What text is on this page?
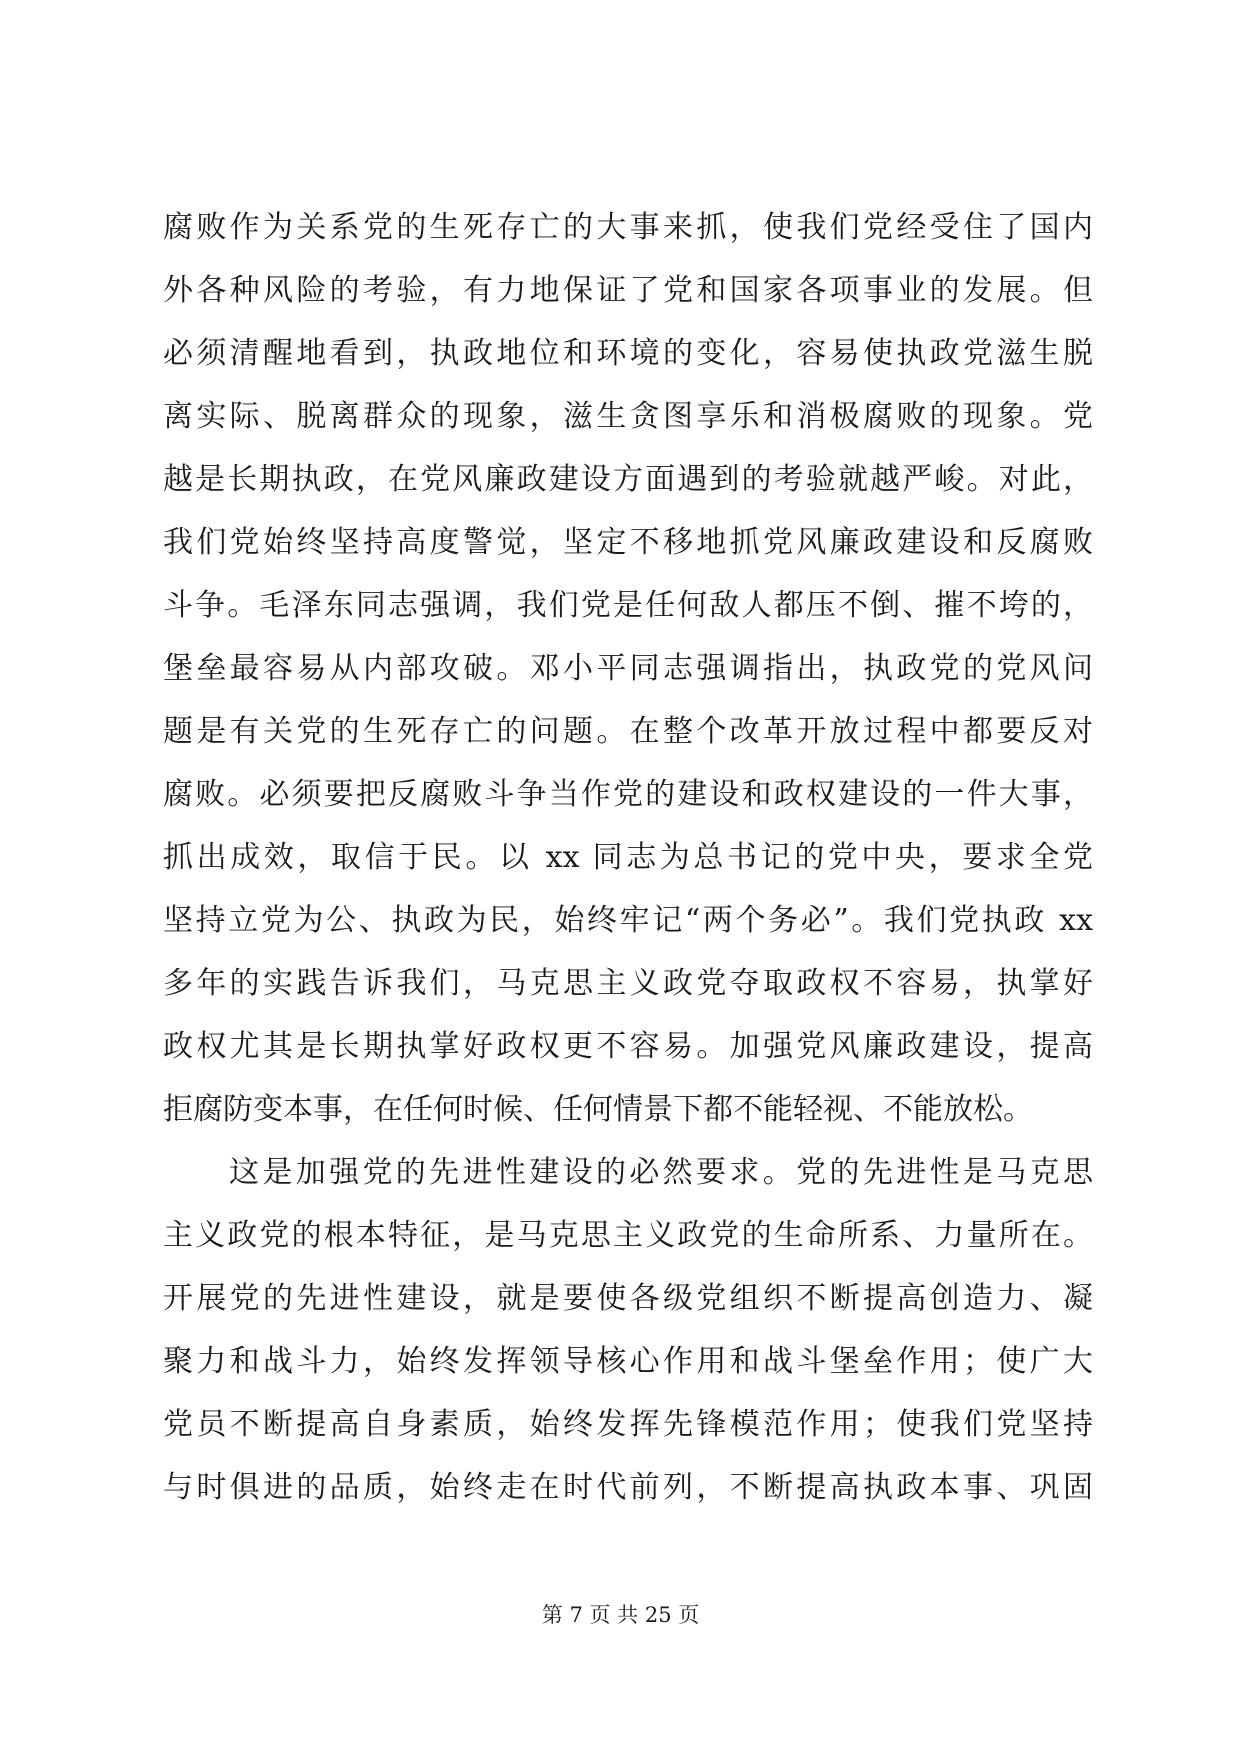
腐败作为关系党的生死存亡的大事来抓，使我们党经受住了国内
外各种风险的考验，有力地保证了党和国家各项事业的发展。但
必须清醒地看到，执政地位和环境的变化，容易使执政党滋生脱
离实际、脱离群众的现象，滋生贪图享乐和消极腐败的现象。党
越是长期执政，在党风廉政建设方面遇到的考验就越严峻。对此，
我们党始终坚持高度警觉，坚定不移地抓党风廉政建设和反腐败
斗争。毛泽东同志强调，我们党是任何敌人都压不倒、摧不垮的，
堡垒最容易从内部攻破。邓小平同志强调指出，执政党的党风问
题是有关党的生死存亡的问题。在整个改革开放过程中都要反对
腐败。必须要把反腐败斗争当作党的建设和政权建设的一件大事，
抓出成效，取信于民。以 xx 同志为总书记的党中央，要求全党
坚持立党为公、执政为民，始终牢记“两个务必”。我们党执政 xx
多年的实践告诉我们，马克思主义政党夺取政权不容易，执掌好
政权尤其是长期执掌好政权更不容易。加强党风廉政建设，提高
拒腐防变本事，在任何时候、任何情景下都不能轻视、不能放松。
这是加强党的先进性建设的必然要求。党的先进性是马克思
主义政党的根本特征，是马克思主义政党的生命所系、力量所在。
开展党的先进性建设，就是要使各级党组织不断提高创造力、凝
聚力和战斗力，始终发挥领导核心作用和战斗堡垒作用；使广大
党员不断提高自身素质，始终发挥先锋模范作用；使我们党坚持
与时俱进的品质，始终走在时代前列，不断提高执政本事、巩固
第 7 页 共 25 页
